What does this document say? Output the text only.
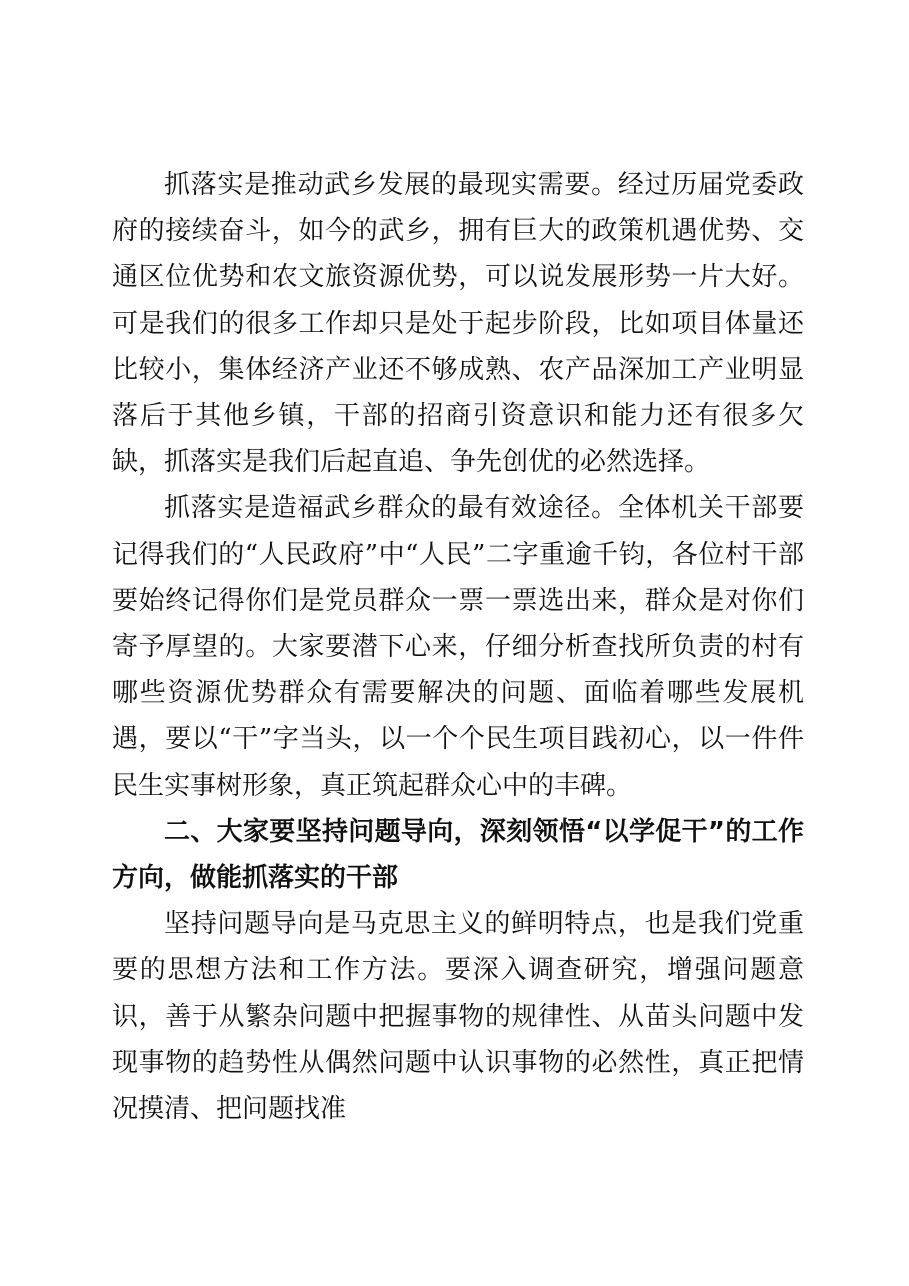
抓落实是推动武乡发展的最现实需要。经过历届党委政府的接续奋斗，如今的武乡，拥有巨大的政策机遇优势、交通区位优势和农文旅资源优势，可以说发展形势一片大好。可是我们的很多工作却只是处于起步阶段，比如项目体量还比较小，集体经济产业还不够成熟、农产品深加工产业明显落后于其他乡镇，干部的招商引资意识和能力还有很多欠缺，抓落实是我们后起直追、争先创优的必然选择。

抓落实是造福武乡群众的最有效途径。全体机关干部要记得我们的“人民政府”中“人民”二字重逾千钧，各位村干部要始终记得你们是党员群众一票一票选出来，群众是对你们寄予厚望的。大家要潜下心来，仔细分析查找所负责的村有哪些资源优势群众有需要解决的问题、面临着哪些发展机遇，要以“干”字当头，以一个个民生项目践初心，以一件件民生实事树形象，真正筑起群众心中的丰碑。

二、大家要坚持问题导向，深刻领悟“以学促干”的工作方向，做能抓落实的干部

坚持问题导向是马克思主义的鲜明特点，也是我们党重要的思想方法和工作方法。要深入调查研究，增强问题意识，善于从繁杂问题中把握事物的规律性、从苗头问题中发现事物的趋势性从偶然问题中认识事物的必然性，真正把情况摸清、把问题找准
